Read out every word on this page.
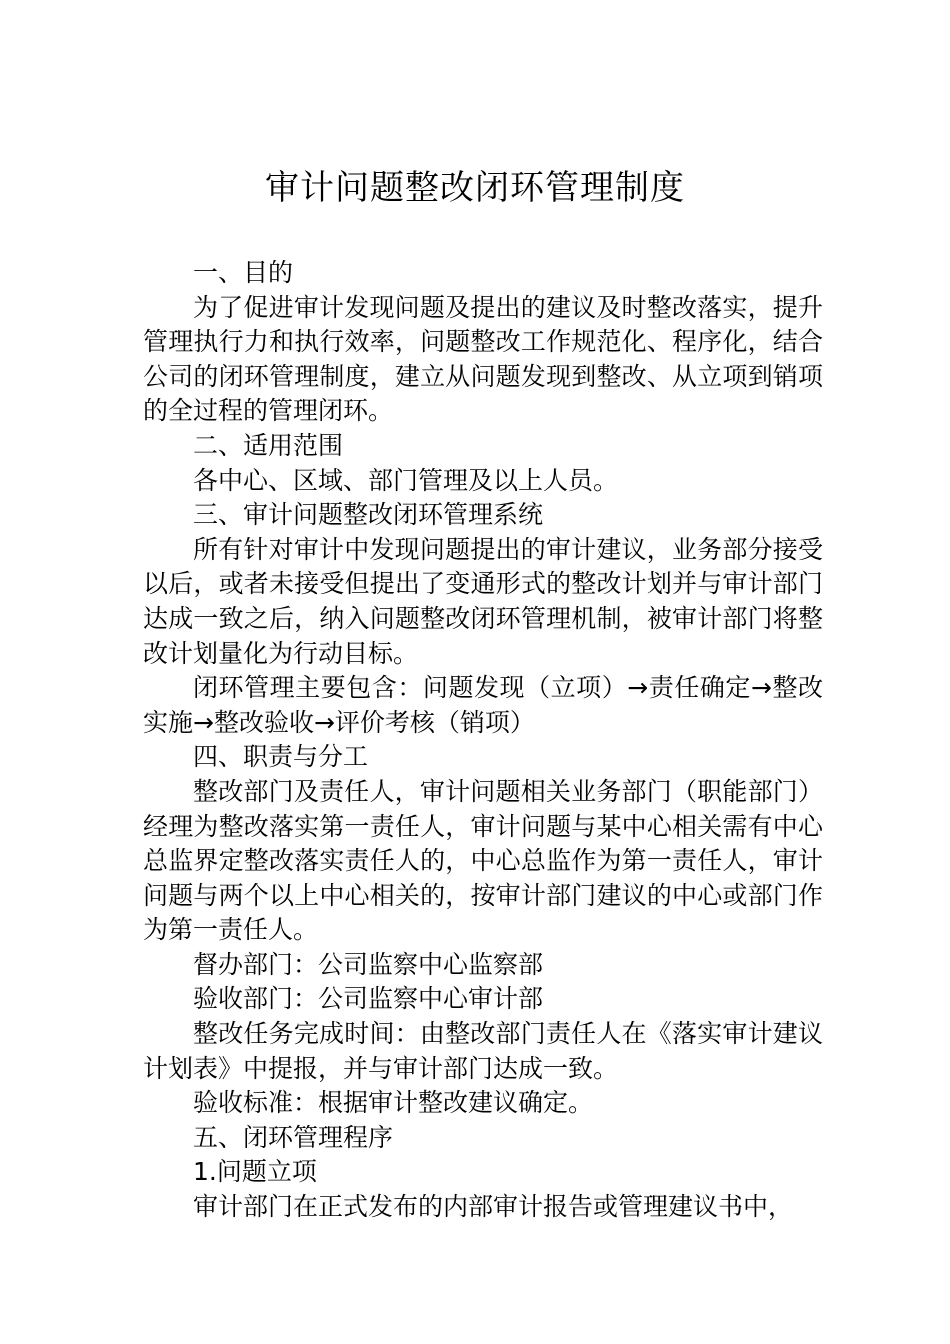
审计问题整改闭环管理制度

一、目的

为了促进审计发现问题及提出的建议及时整改落实，提升管理执行力和执行效率，问题整改工作规范化、程序化，结合公司的闭环管理制度，建立从问题发现到整改、从立项到销项的全过程的管理闭环。

二、适用范围

各中心、区域、部门管理及以上人员。

三、审计问题整改闭环管理系统

所有针对审计中发现问题提出的审计建议，业务部分接受以后，或者未接受但提出了变通形式的整改计划并与审计部门达成一致之后，纳入问题整改闭环管理机制，被审计部门将整改计划量化为行动目标。

闭环管理主要包含：问题发现（立项）→责任确定→整改实施→整改验收→评价考核（销项）

四、职责与分工

整改部门及责任人，审计问题相关业务部门（职能部门）经理为整改落实第一责任人，审计问题与某中心相关需有中心总监界定整改落实责任人的，中心总监作为第一责任人，审计问题与两个以上中心相关的，按审计部门建议的中心或部门作为第一责任人。

督办部门：公司监察中心监察部

验收部门：公司监察中心审计部

整改任务完成时间：由整改部门责任人在《落实审计建议计划表》中提报，并与审计部门达成一致。

验收标准：根据审计整改建议确定。

五、闭环管理程序

1.问题立项

审计部门在正式发布的内部审计报告或管理建议书中，
